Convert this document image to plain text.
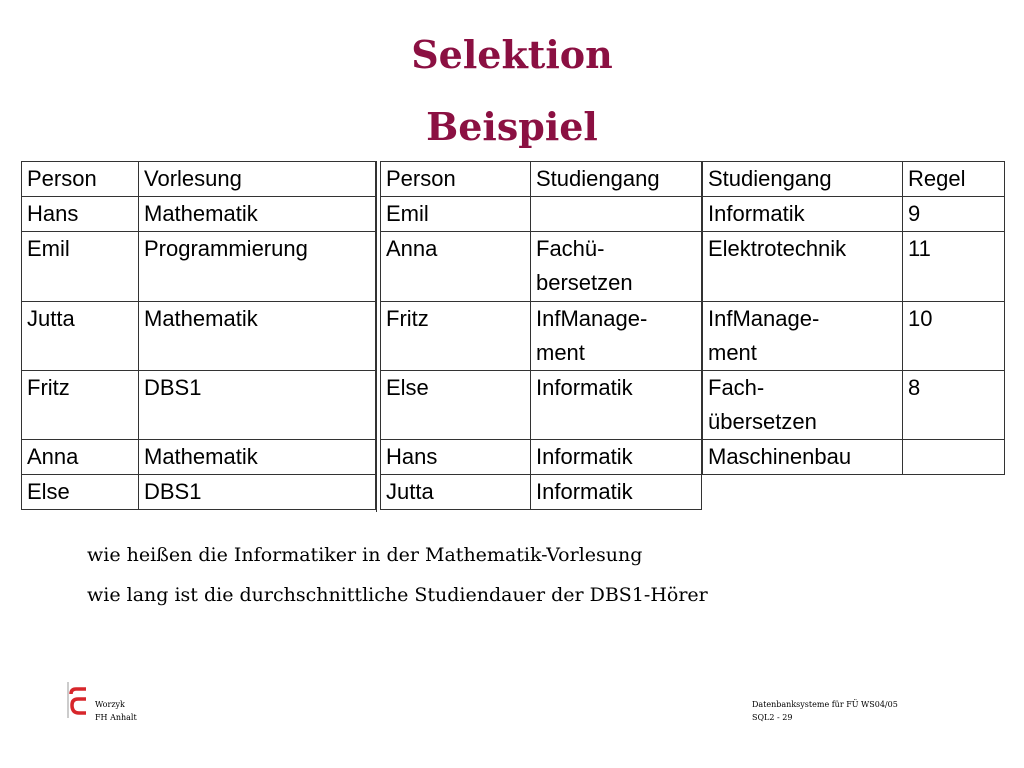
Selektion
Beispiel
Person	Vorlesung
Hans	Mathematik
Emil	Programmierung
Jutta	Mathematik
Fritz	DBS1
Anna	Mathematik
Else	DBS1
Person	Studiengang
Emil	
Anna	Fachü-
bersetzen
Fritz	InfManage-
ment
Else	Informatik
Hans	Informatik
Jutta	Informatik
Studiengang	Regel
Informatik	9
Elektrotechnik	11
InfManage-
ment	10
Fach-
übersetzen	8
Maschinenbau	

wie heißen die Informatiker in der Mathematik-Vorlesung

wie lang ist die durchschnittliche Studiendauer der DBS1-Hörer

Worzyk
FH Anhalt
Datenbanksysteme für FÜ WS04/05
SQL2 - 29
